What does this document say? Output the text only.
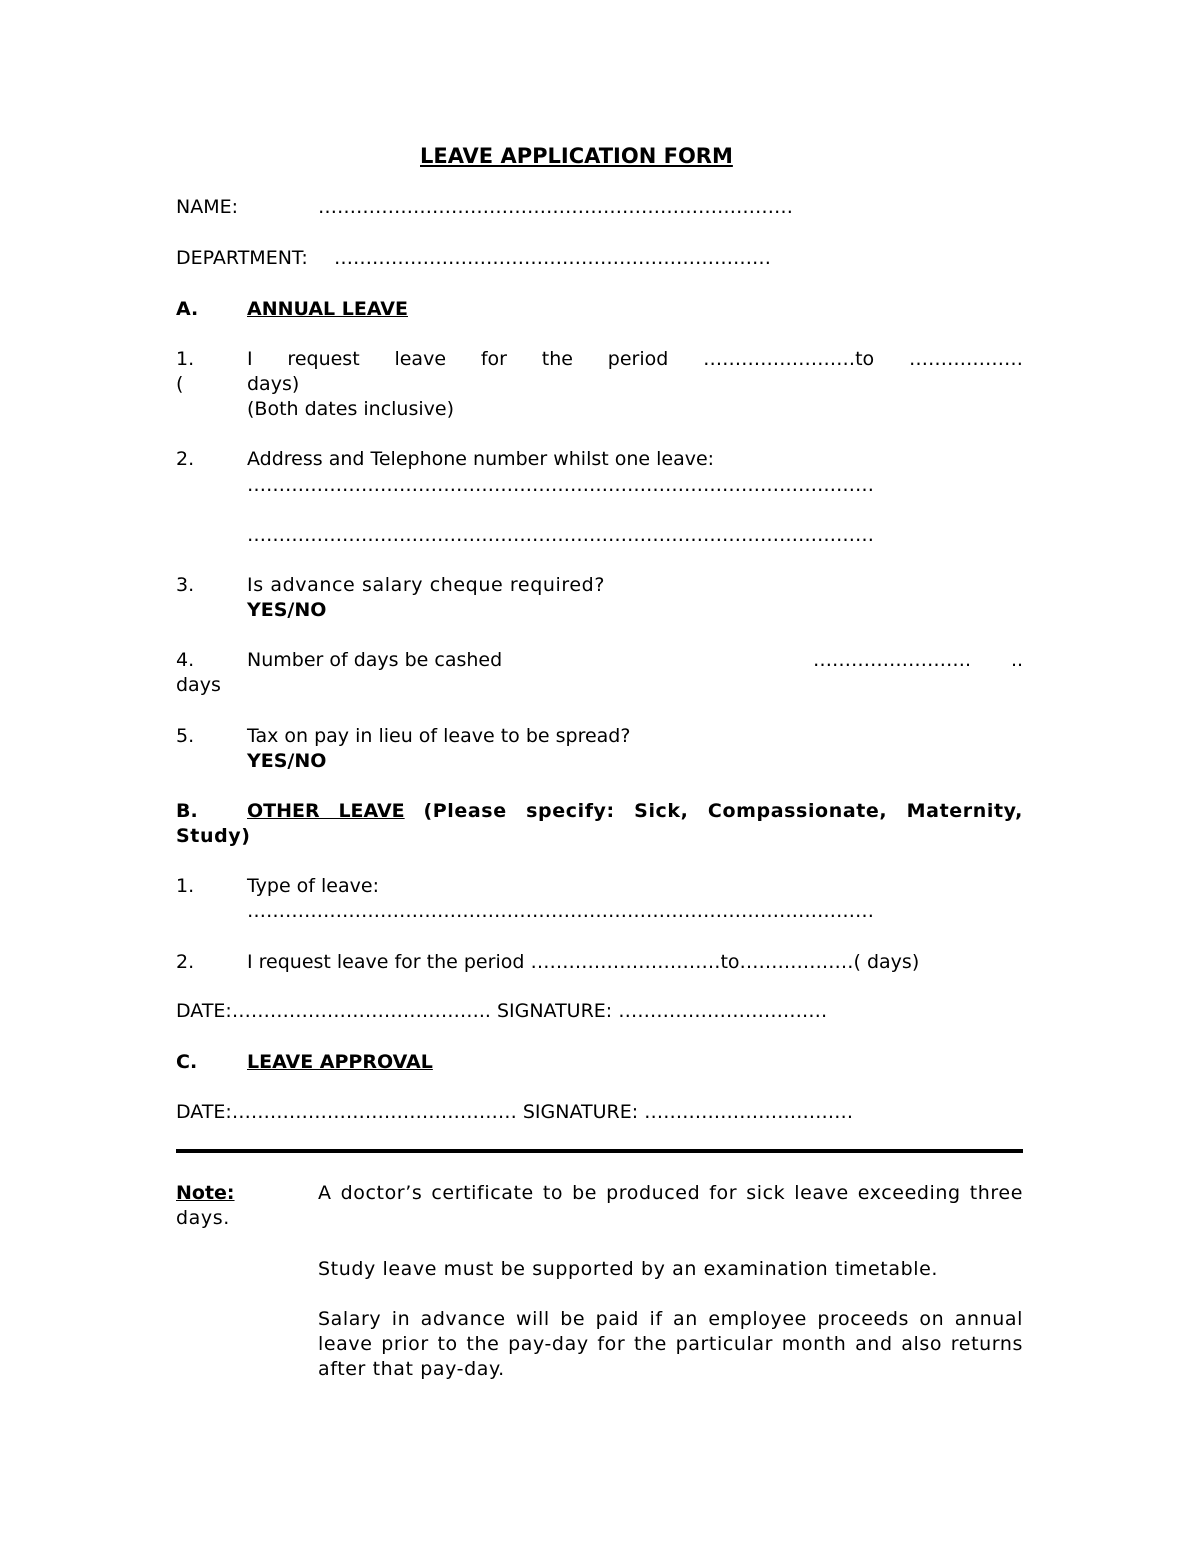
LEAVE APPLICATION FORM
NAME:	…………………………………………………………………
DEPARTMENT: ……………………………………………………………
A.	ANNUAL LEAVE
1.	I request leave for the period ……………………to ………………
(	days)
(Both dates inclusive)
2.	Address and Telephone number whilst one leave:
………………………………………………………………………………………
………………………………………………………………………………………
3.	Is advance salary cheque required?
YES/NO
4.	Number of days be cashed	……………………. ..
days
5.	Tax on pay in lieu of leave to be spread?
YES/NO
B.	OTHER LEAVE (Please specify: Sick, Compassionate, Maternity, Study)
1.	Type of leave:
………………………………………………………………………………………
2.	I request leave for the period …………………………to………………( days)
DATE:………………………………….. SIGNATURE: ……………………………
C.	LEAVE APPROVAL
DATE:……………………………………… SIGNATURE: ……………………………
Note:	A doctor’s certificate to be produced for sick leave exceeding three days.
Study leave must be supported by an examination timetable.
Salary in advance will be paid if an employee proceeds on annual leave prior to the pay-day for the particular month and also returns after that pay-day.
